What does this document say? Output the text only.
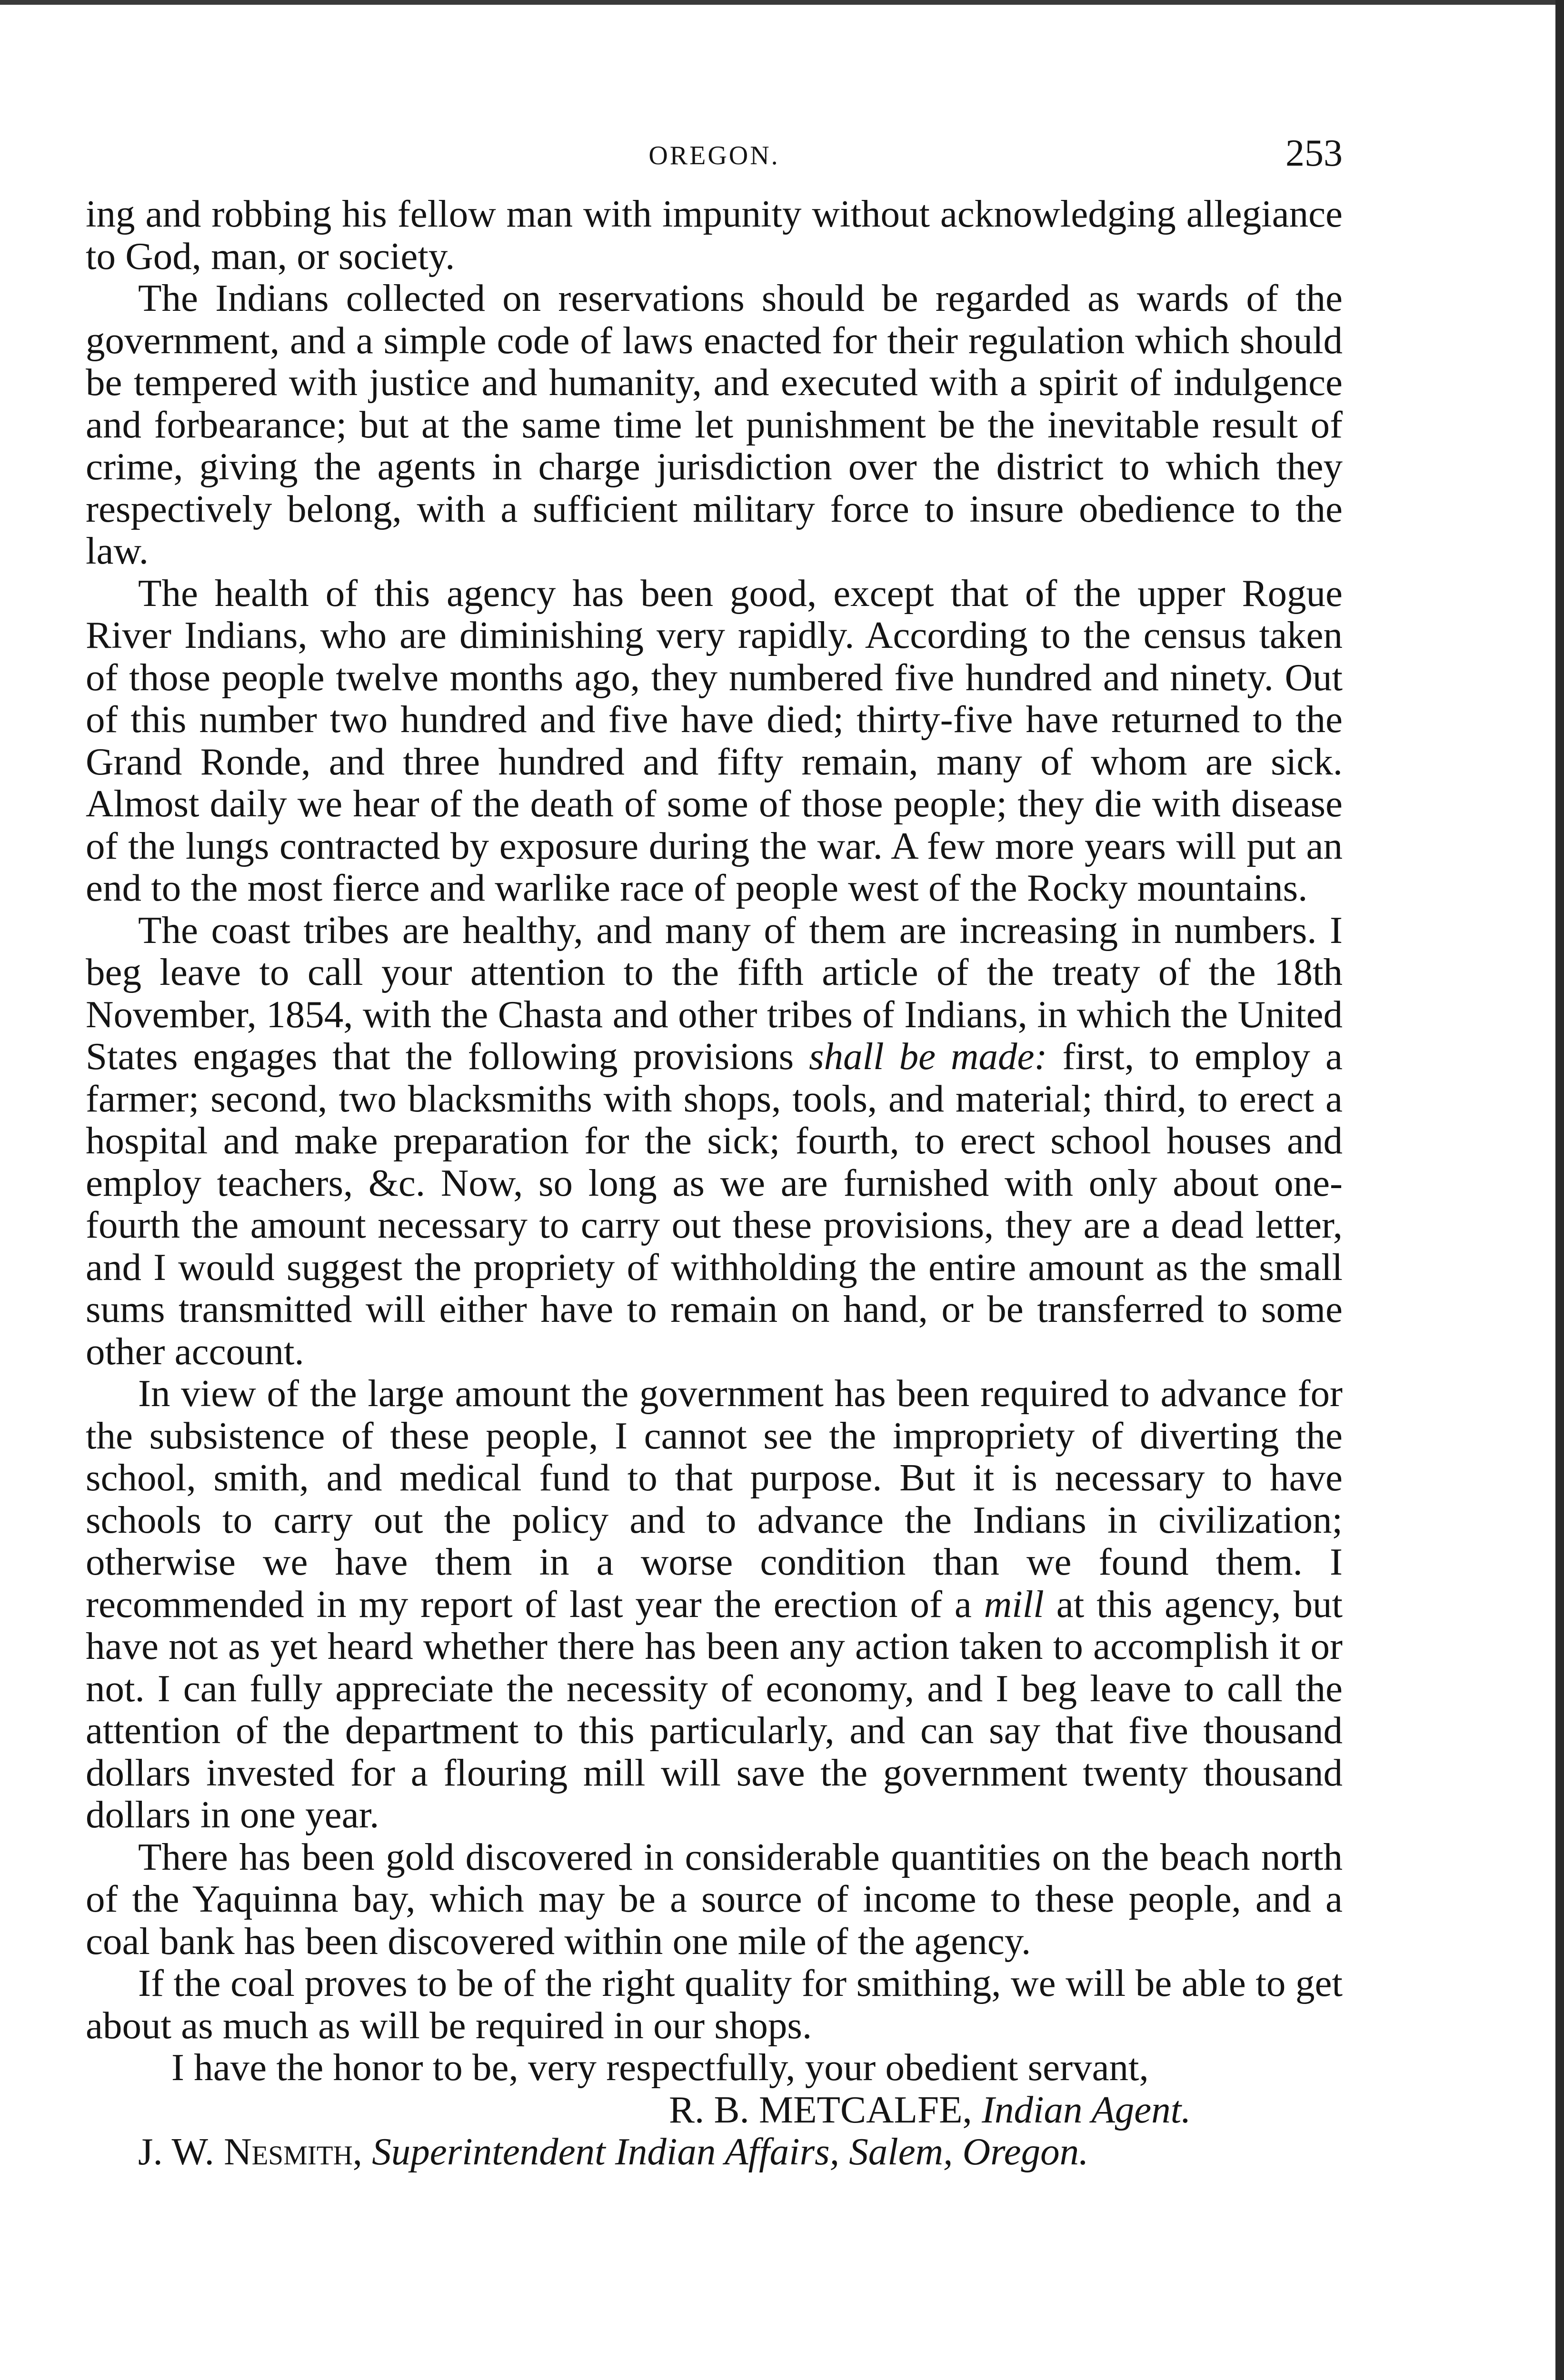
OREGON.	253

ing and robbing his fellow man with impunity without acknowledging allegiance to God, man, or society.

The Indians collected on reservations should be regarded as wards of the government, and a simple code of laws enacted for their regulation which should be tempered with justice and humanity, and executed with a spirit of indulgence and forbearance; but at the same time let punishment be the inevitable result of crime, giving the agents in charge jurisdiction over the district to which they respectively belong, with a sufficient military force to insure obedience to the law.

The health of this agency has been good, except that of the upper Rogue River Indians, who are diminishing very rapidly. According to the census taken of those people twelve months ago, they numbered five hundred and ninety. Out of this number two hundred and five have died; thirty-five have returned to the Grand Ronde, and three hundred and fifty remain, many of whom are sick. Almost daily we hear of the death of some of those people; they die with disease of the lungs contracted by exposure during the war. A few more years will put an end to the most fierce and warlike race of people west of the Rocky mountains.

The coast tribes are healthy, and many of them are increasing in numbers. I beg leave to call your attention to the fifth article of the treaty of the 18th November, 1854, with the Chasta and other tribes of Indians, in which the United States engages that the following provisions shall be made: first, to employ a farmer; second, two blacksmiths with shops, tools, and material; third, to erect a hospital and make preparation for the sick; fourth, to erect school houses and employ teachers, &c. Now, so long as we are furnished with only about one-fourth the amount necessary to carry out these provisions, they are a dead letter, and I would suggest the propriety of withholding the entire amount as the small sums transmitted will either have to remain on hand, or be transferred to some other account.

In view of the large amount the government has been required to advance for the subsistence of these people, I cannot see the impropriety of diverting the school, smith, and medical fund to that purpose. But it is necessary to have schools to carry out the policy and to advance the Indians in civilization; otherwise we have them in a worse condition than we found them. I recommended in my report of last year the erection of a mill at this agency, but have not as yet heard whether there has been any action taken to accomplish it or not. I can fully appreciate the necessity of economy, and I beg leave to call the attention of the department to this particularly, and can say that five thousand dollars invested for a flouring mill will save the government twenty thousand dollars in one year.

There has been gold discovered in considerable quantities on the beach north of the Yaquinna bay, which may be a source of income to these people, and a coal bank has been discovered within one mile of the agency.

If the coal proves to be of the right quality for smithing, we will be able to get about as much as will be required in our shops.

I have the honor to be, very respectfully, your obedient servant,

R. B. METCALFE, Indian Agent.
J. W. Nesmith, Superintendent Indian Affairs, Salem, Oregon.
